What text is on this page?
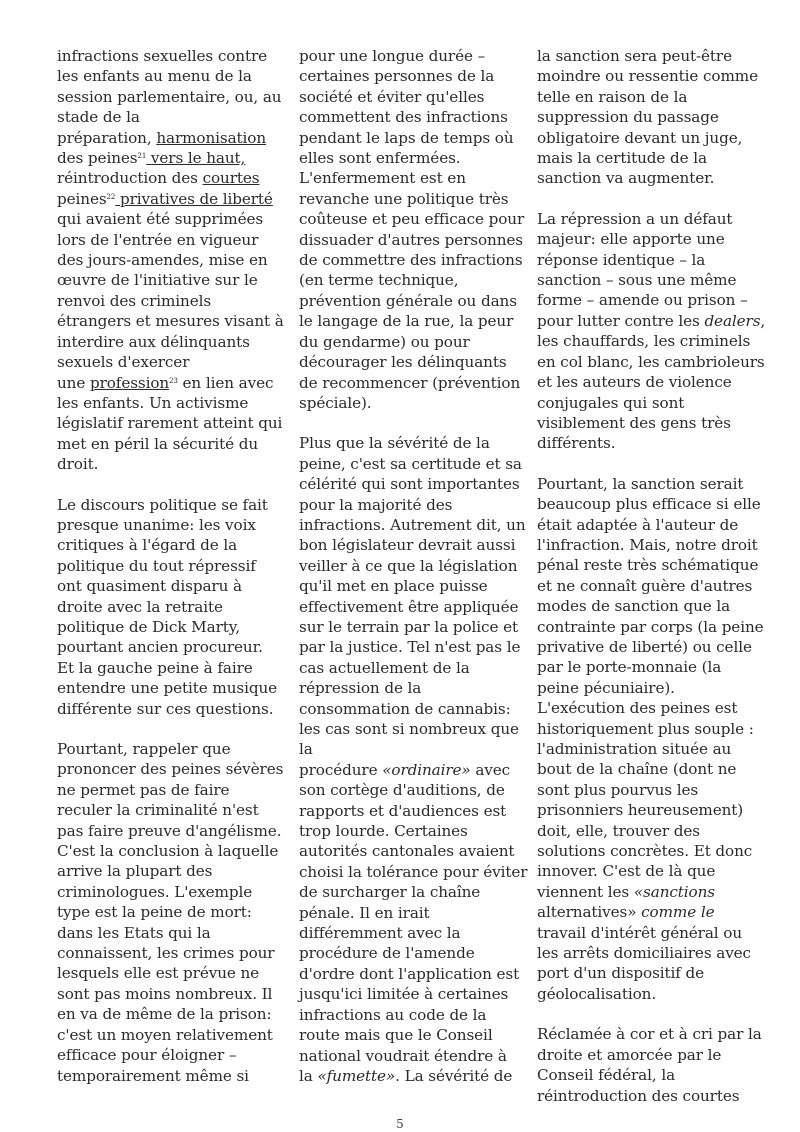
infractions sexuelles contre
les enfants au menu de la
session parlementaire, ou, au
stade de la
préparation, harmonisation
des peines$^{21}$ vers le haut,
réintroduction des courtes
peines$^{22}$ privatives de liberté
qui avaient été supprimées
lors de l'entrée en vigueur
des jours-amendes, mise en
œuvre de l'initiative sur le
renvoi des criminels
étrangers et mesures visant à
interdire aux délinquants
sexuels d'exercer
une profession$^{23}$ en lien avec
les enfants. Un activisme
législatif rarement atteint qui
met en péril la sécurité du
droit.

Le discours politique se fait
presque unanime: les voix
critiques à l'égard de la
politique du tout répressif
ont quasiment disparu à
droite avec la retraite
politique de Dick Marty,
pourtant ancien procureur.
Et la gauche peine à faire
entendre une petite musique
différente sur ces questions.

Pourtant, rappeler que
prononcer des peines sévères
ne permet pas de faire
reculer la criminalité n'est
pas faire preuve d'angélisme.
C'est la conclusion à laquelle
arrive la plupart des
criminologues. L'exemple
type est la peine de mort:
dans les Etats qui la
connaissent, les crimes pour
lesquels elle est prévue ne
sont pas moins nombreux. Il
en va de même de la prison:
c'est un moyen relativement
efficace pour éloigner –
temporairement même si

pour une longue durée –
certaines personnes de la
société et éviter qu'elles
commettent des infractions
pendant le laps de temps où
elles sont enfermées.
L'enfermement est en
revanche une politique très
coûteuse et peu efficace pour
dissuader d'autres personnes
de commettre des infractions
(en terme technique,
prévention générale ou dans
le langage de la rue, la peur
du gendarme) ou pour
décourager les délinquants
de recommencer (prévention
spéciale).

Plus que la sévérité de la
peine, c'est sa certitude et sa
célérité qui sont importantes
pour la majorité des
infractions. Autrement dit, un
bon législateur devrait aussi
veiller à ce que la législation
qu'il met en place puisse
effectivement être appliquée
sur le terrain par la police et
par la justice. Tel n'est pas le
cas actuellement de la
répression de la
consommation de cannabis:
les cas sont si nombreux que
la
procédure «ordinaire» avec
son cortège d'auditions, de
rapports et d'audiences est
trop lourde. Certaines
autorités cantonales avaient
choisi la tolérance pour éviter
de surcharger la chaîne
pénale. Il en irait
différemment avec la
procédure de l'amende
d'ordre dont l'application est
jusqu'ici limitée à certaines
infractions au code de la
route mais que le Conseil
national voudrait étendre à
la «fumette». La sévérité de

la sanction sera peut-être
moindre ou ressentie comme
telle en raison de la
suppression du passage
obligatoire devant un juge,
mais la certitude de la
sanction va augmenter.

La répression a un défaut
majeur: elle apporte une
réponse identique – la
sanction – sous une même
forme – amende ou prison –
pour lutter contre les dealers,
les chauffards, les criminels
en col blanc, les cambrioleurs
et les auteurs de violence
conjugales qui sont
visiblement des gens très
différents.

Pourtant, la sanction serait
beaucoup plus efficace si elle
était adaptée à l'auteur de
l'infraction. Mais, notre droit
pénal reste très schématique
et ne connaît guère d'autres
modes de sanction que la
contrainte par corps (la peine
privative de liberté) ou celle
par le porte-monnaie (la
peine pécuniaire).
L'exécution des peines est
historiquement plus souple :
l'administration située au
bout de la chaîne (dont ne
sont plus pourvus les
prisonniers heureusement)
doit, elle, trouver des
solutions concrètes. Et donc
innover. C'est de là que
viennent les «sanctions
alternatives» comme le
travail d'intérêt général ou
les arrêts domiciliaires avec
port d'un dispositif de
géolocalisation.

Réclamée à cor et à cri par la
droite et amorcée par le
Conseil fédéral, la
réintroduction des courtes

5
